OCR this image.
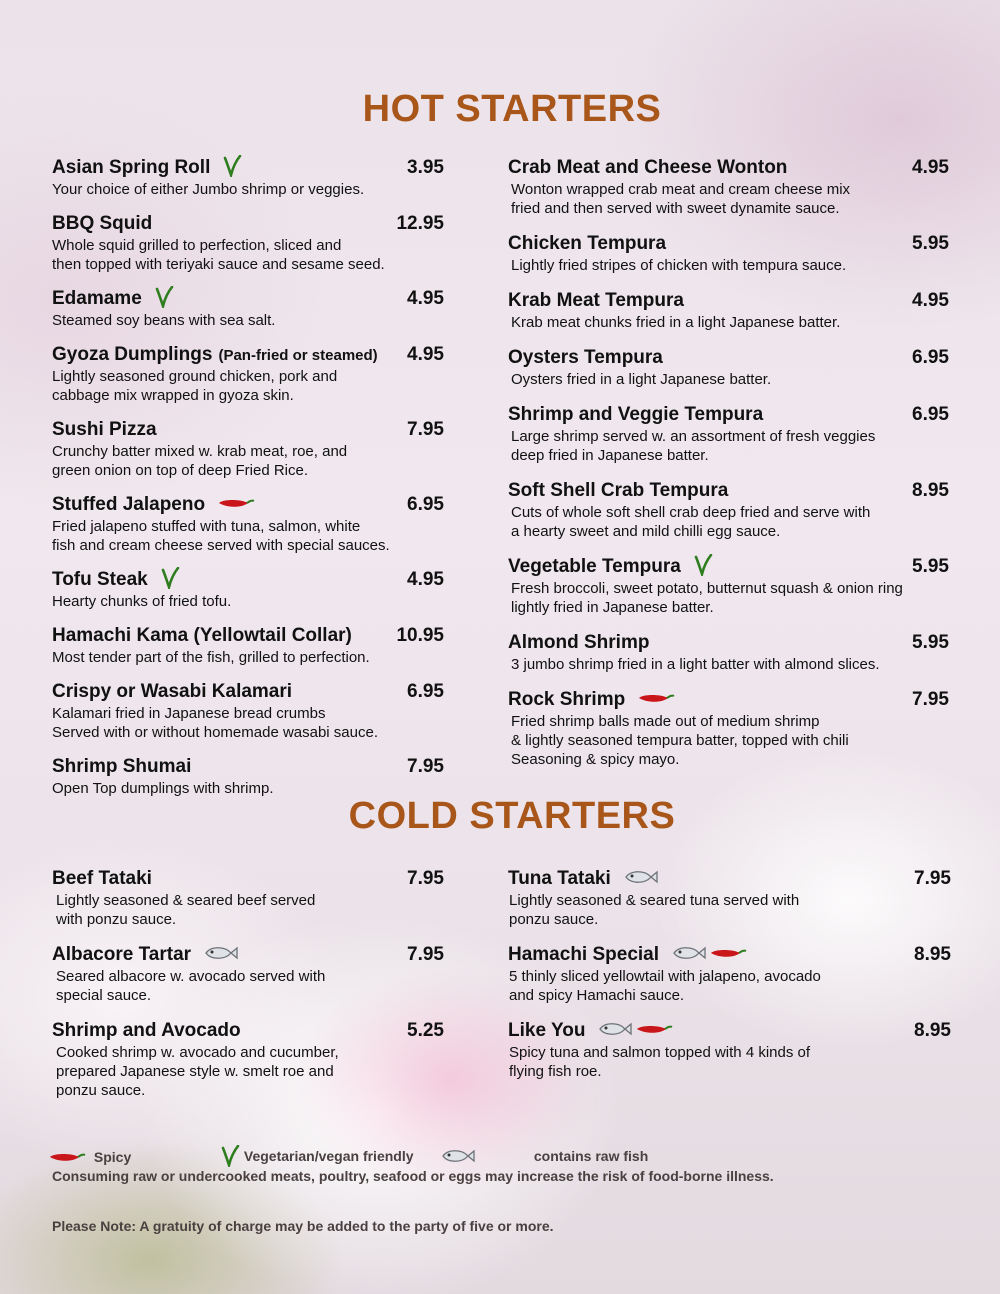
HOT STARTERS
Asian Spring Roll	3.95
Your choice of either Jumbo shrimp or veggies.
BBQ Squid	12.95
Whole squid grilled to perfection, sliced and
then topped with teriyaki sauce and sesame seed.
Edamame	4.95
Steamed soy beans with sea salt.
Gyoza Dumplings (Pan-fried or steamed) 4.95
Lightly seasoned ground chicken, pork and
cabbage mix wrapped in gyoza skin.
Sushi Pizza	7.95
Crunchy batter mixed w. krab meat, roe, and
green onion on top of deep Fried Rice.
Stuffed Jalapeno	6.95
Fried jalapeno stuffed with tuna, salmon, white
fish and cream cheese served with special sauces.
Tofu Steak	4.95
Hearty chunks of fried tofu.
Hamachi Kama (Yellowtail Collar) 10.95
Most tender part of the fish, grilled to perfection.
Crispy or Wasabi Kalamari	6.95
Kalamari fried in Japanese bread crumbs
Served with or without homemade wasabi sauce.
Shrimp Shumai	7.95
Open Top dumplings with shrimp.
Crab Meat and Cheese Wonton	4.95
Wonton wrapped crab meat and cream cheese mix
fried and then served with sweet dynamite sauce.
Chicken Tempura	5.95
Lightly fried stripes of chicken with tempura sauce.
Krab Meat Tempura	4.95
Krab meat chunks fried in a light Japanese batter.
Oysters Tempura	6.95
Oysters fried in a light Japanese batter.
Shrimp and Veggie Tempura	6.95
Large shrimp served w. an assortment of fresh veggies
deep fried in Japanese batter.
Soft Shell Crab Tempura	8.95
Cuts of whole soft shell crab deep fried and serve with
a hearty sweet and mild chilli egg sauce.
Vegetable Tempura	5.95
Fresh broccoli, sweet potato, butternut squash & onion ring
lightly fried in Japanese batter.
Almond Shrimp	5.95
3 jumbo shrimp fried in a light batter with almond slices.
Rock Shrimp	7.95
Fried shrimp balls made out of medium shrimp
& lightly seasoned tempura batter, topped with chili
Seasoning & spicy mayo.
COLD STARTERS
Beef Tataki	7.95
Lightly seasoned & seared beef served
with ponzu sauce.
Albacore Tartar	7.95
Seared albacore w. avocado served with
special sauce.
Shrimp and Avocado	5.25
Cooked shrimp w. avocado and cucumber,
prepared Japanese style w. smelt roe and
ponzu sauce.
Tuna Tataki	7.95
Lightly seasoned & seared tuna served with
ponzu sauce.
Hamachi Special	8.95
5 thinly sliced yellowtail with jalapeno, avocado
and spicy Hamachi sauce.
Like You	8.95
Spicy tuna and salmon topped with 4 kinds of
flying fish roe.
Spicy	Vegetarian/vegan friendly	contains raw fish
Consuming raw or undercooked meats, poultry, seafood or eggs may increase the risk of food-borne illness.
Please Note: A gratuity of charge may be added to the party of five or more.
